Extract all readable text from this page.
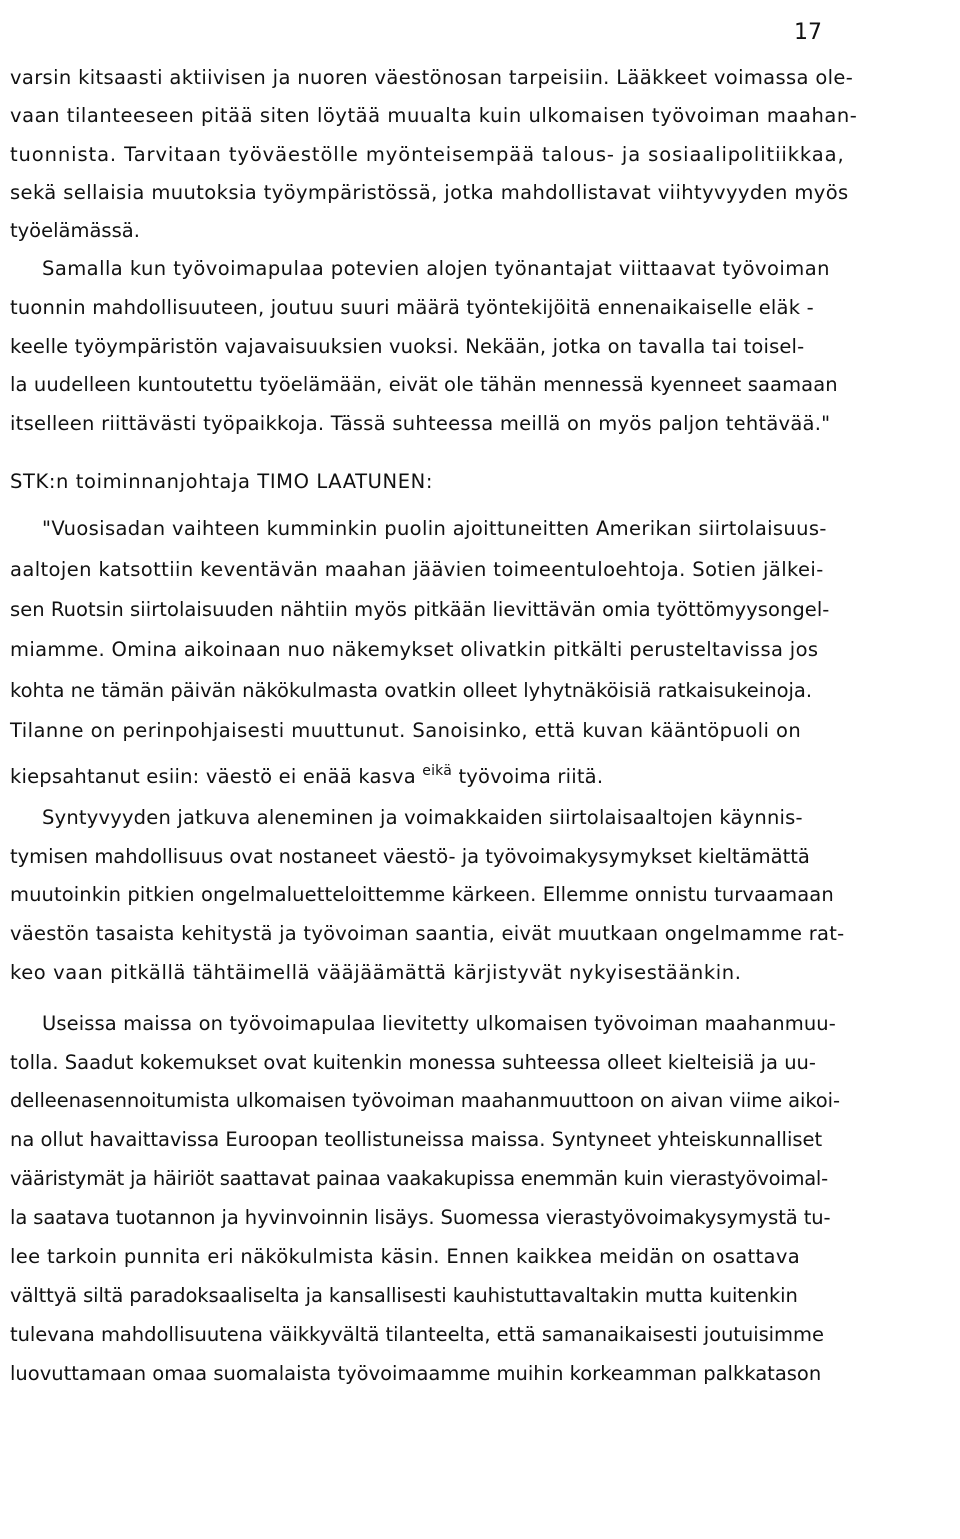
17
varsin kitsaasti aktiivisen ja nuoren väestönosan tarpeisiin. Lääkkeet voimassa ole-
vaan tilanteeseen pitää siten löytää muualta kuin ulkomaisen työvoiman maahan-
tuonnista. Tarvitaan työväestölle myönteisempää talous- ja sosiaalipolitiikkaa,
sekä sellaisia muutoksia työympäristössä, jotka mahdollistavat viihtyvyyden myös
työelämässä.
Samalla kun työvoimapulaa potevien alojen työnantajat viittaavat työvoiman
tuonnin mahdollisuuteen, joutuu suuri määrä työntekijöitä ennenaikaiselle eläk -
keelle työympäristön vajavaisuuksien vuoksi. Nekään, jotka on tavalla tai toisel-
la uudelleen kuntoutettu työelämään, eivät ole tähän mennessä kyenneet saamaan
itselleen riittävästi työpaikkoja. Tässä suhteessa meillä on myös paljon tehtävää."
STK:n toiminnanjohtaja TIMO LAATUNEN:
"Vuosisadan vaihteen kumminkin puolin ajoittuneitten Amerikan siirtolaisuus-
aaltojen katsottiin keventävän maahan jäävien toimeentuloehtoja. Sotien jälkei-
sen Ruotsin siirtolaisuuden nähtiin myös pitkään lievittävän omia työttömyysongel-
miamme. Omina aikoinaan nuo näkemykset olivatkin pitkälti perusteltavissa jos
kohta ne tämän päivän näkökulmasta ovatkin olleet lyhytnäköisiä ratkaisukeinoja.
Tilanne on perinpohjaisesti muuttunut. Sanoisinko, että kuvan kääntöpuoli on
kiepsahtanut esiin: väestö ei enää kasva $^{eikä}$ työvoima riitä.
Syntyvyyden jatkuva aleneminen ja voimakkaiden siirtolaisaaltojen käynnis-
tymisen mahdollisuus ovat nostaneet väestö- ja työvoimakysymykset kieltämättä
muutoinkin pitkien ongelmaluetteloittemme kärkeen. Ellemme onnistu turvaamaan
väestön tasaista kehitystä ja työvoiman saantia, eivät muutkaan ongelmamme rat-
keo vaan pitkällä tähtäimellä vääjäämättä kärjistyvät nykyisestäänkin.
Useissa maissa on työvoimapulaa lievitetty ulkomaisen työvoiman maahanmuu-
tolla. Saadut kokemukset ovat kuitenkin monessa suhteessa olleet kielteisiä ja uu-
delleenasennoitumista ulkomaisen työvoiman maahanmuuttoon on aivan viime aikoi-
na ollut havaittavissa Euroopan teollistuneissa maissa. Syntyneet yhteiskunnalliset
vääristymät ja häiriöt saattavat painaa vaakakupissa enemmän kuin vierastyövoimal-
la saatava tuotannon ja hyvinvoinnin lisäys. Suomessa vierastyövoimakysymystä tu-
lee tarkoin punnita eri näkökulmista käsin. Ennen kaikkea meidän on osattava
välttyä siltä paradoksaaliselta ja kansallisesti kauhistuttavaltakin mutta kuitenkin
tulevana mahdollisuutena väikkyvältä tilanteelta, että samanaikaisesti joutuisimme
luovuttamaan omaa suomalaista työvoimaamme muihin korkeamman palkkatason
